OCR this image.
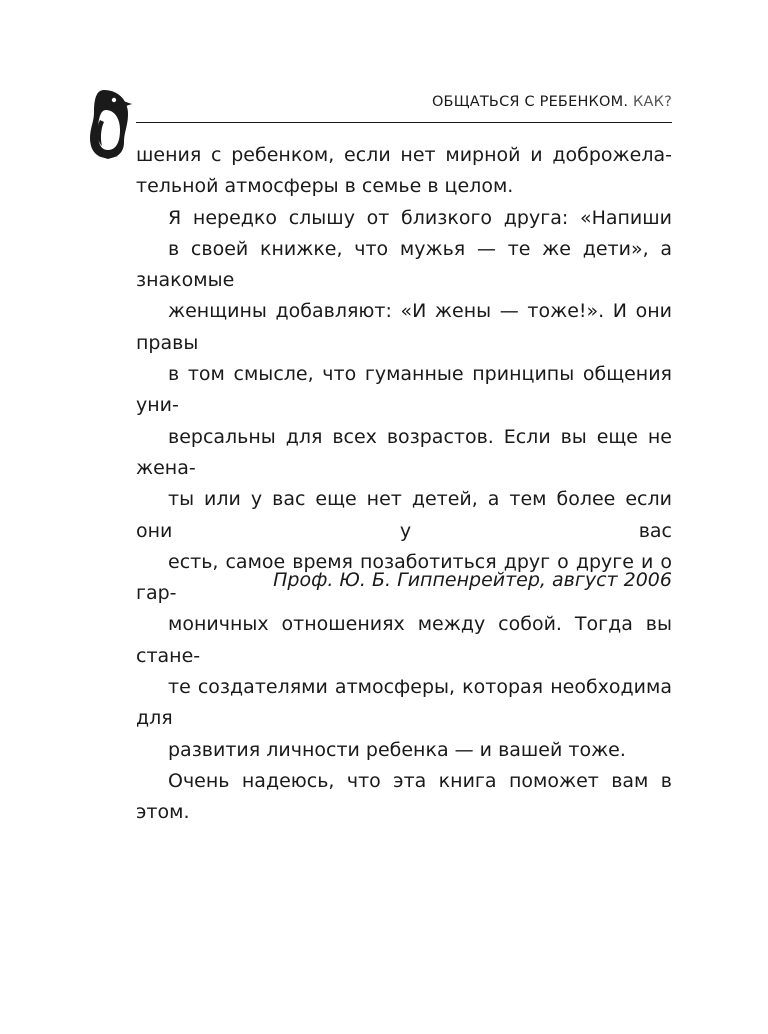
ОБЩАТЬСЯ С РЕБЕНКОМ. КАК?

шения с ребенком, если нет мирной и доброжела-
тельной атмосферы в семье в целом.

Я нередко слышу от близкого друга: «Напиши
в своей книжке, что мужья — те же дети», а знакомые
женщины добавляют: «И жены — тоже!». И они правы
в том смысле, что гуманные принципы общения уни-
версальны для всех возрастов. Если вы еще не жена-
ты или у вас еще нет детей, а тем более если они у вас
есть, самое время позаботиться друг о друге и о гар-
моничных отношениях между собой. Тогда вы стане-
те создателями атмосферы, которая необходима для
развития личности ребенка — и вашей тоже.

Очень надеюсь, что эта книга поможет вам в этом.

Проф. Ю. Б. Гиппенрейтер, август 2006
